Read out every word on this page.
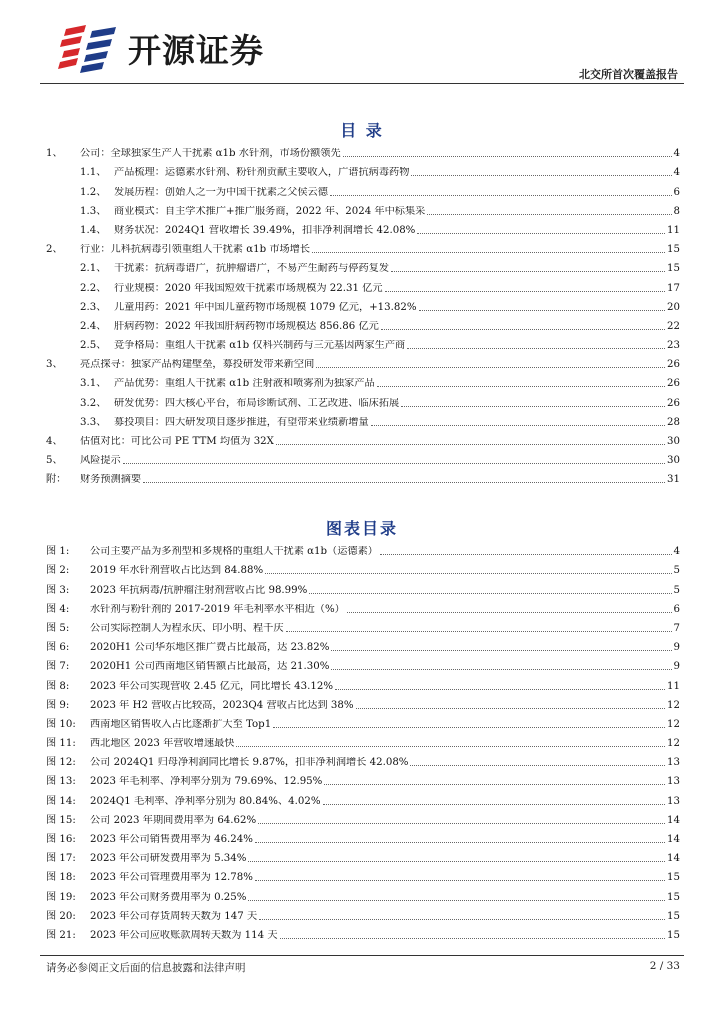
开源证券
北交所首次覆盖报告
目 录
1、	公司：全球独家生产人干扰素 α1b 水针剂，市场份额领先	4
1.1、 产品梳理：运德素水针剂、粉针剂贡献主要收入，广谱抗病毒药物	4
1.2、 发展历程：创始人之一为中国干扰素之父侯云德	6
1.3、 商业模式：自主学术推广+推广服务商，2022 年、2024 年中标集采	8
1.4、 财务状况：2024Q1 营收增长 39.49%，扣非净利润增长 42.08%	11
2、	行业：儿科抗病毒引领重组人干扰素 α1b 市场增长	15
2.1、 干扰素：抗病毒谱广，抗肿瘤谱广，不易产生耐药与停药复发	15
2.2、 行业规模：2020 年我国短效干扰素市场规模为 22.31 亿元	17
2.3、 儿童用药：2021 年中国儿童药物市场规模 1079 亿元，+13.82%	20
2.4、 肝病药物：2022 年我国肝病药物市场规模达 856.86 亿元	22
2.5、 竞争格局：重组人干扰素 α1b 仅科兴制药与三元基因两家生产商	23
3、	亮点探寻：独家产品构建壁垒，募投研发带来新空间	26
3.1、 产品优势：重组人干扰素 α1b 注射液和喷雾剂为独家产品	26
3.2、 研发优势：四大核心平台，布局诊断试剂、工艺改进、临床拓展	26
3.3、 募投项目：四大研发项目逐步推进，有望带来业绩新增量	28
4、	估值对比：可比公司 PE TTM 均值为 32X	30
5、	风险提示	30
附：	财务预测摘要	31
图表目录
图 1:	公司主要产品为多剂型和多规格的重组人干扰素 α1b（运德素）	4
图 2:	2019 年水针剂营收占比达到 84.88%	5
图 3:	2023 年抗病毒/抗肿瘤注射剂营收占比 98.99%	5
图 4:	水针剂与粉针剂的 2017-2019 年毛利率水平相近（%）	6
图 5:	公司实际控制人为程永庆、印小明、程千庆	7
图 6:	2020H1 公司华东地区推广费占比最高，达 23.82%	9
图 7:	2020H1 公司西南地区销售额占比最高，达 21.30%	9
图 8:	2023 年公司实现营收 2.45 亿元，同比增长 43.12%	11
图 9:	2023 年 H2 营收占比较高，2023Q4 营收占比达到 38%	12
图 10:	西南地区销售收入占比逐渐扩大至 Top1	12
图 11:	西北地区 2023 年营收增速最快	12
图 12:	公司 2024Q1 归母净利润同比增长 9.87%，扣非净利润增长 42.08%	13
图 13:	2023 年毛利率、净利率分别为 79.69%、12.95%	13
图 14:	2024Q1 毛利率、净利率分别为 80.84%、4.02%	13
图 15:	公司 2023 年期间费用率为 64.62%	14
图 16:	2023 年公司销售费用率为 46.24%	14
图 17:	2023 年公司研发费用率为 5.34%	14
图 18:	2023 年公司管理费用率为 12.78%	15
图 19:	2023 年公司财务费用率为 0.25%	15
图 20:	2023 年公司存货周转天数为 147 天	15
图 21:	2023 年公司应收账款周转天数为 114 天	15
请务必参阅正文后面的信息披露和法律声明	2 / 33
